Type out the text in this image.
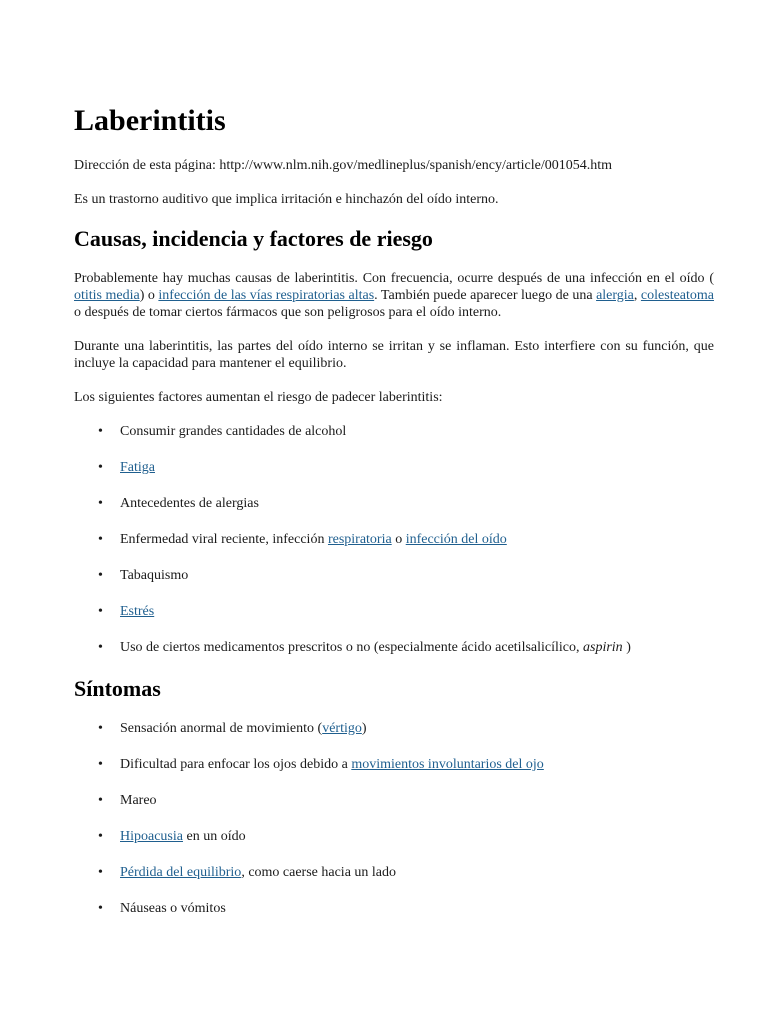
Laberintitis

Dirección de esta página: http://www.nlm.nih.gov/medlineplus/spanish/ency/article/001054.htm

Es un trastorno auditivo que implica irritación e hinchazón del oído interno.

Causas, incidencia y factores de riesgo

Probablemente hay muchas causas de laberintitis. Con frecuencia, ocurre después de una infección en el oído ( otitis media) o infección de las vías respiratorias altas. También puede aparecer luego de una alergia, colesteatoma o después de tomar ciertos fármacos que son peligrosos para el oído interno.

Durante una laberintitis, las partes del oído interno se irritan y se inflaman. Esto interfiere con su función, que incluye la capacidad para mantener el equilibrio.

Los siguientes factores aumentan el riesgo de padecer laberintitis:

• Consumir grandes cantidades de alcohol
• Fatiga
• Antecedentes de alergias
• Enfermedad viral reciente, infección respiratoria o infección del oído
• Tabaquismo
• Estrés
• Uso de ciertos medicamentos prescritos o no (especialmente ácido acetilsalicílico, aspirin )
Síntomas
• Sensación anormal de movimiento (vértigo)
• Dificultad para enfocar los ojos debido a movimientos involuntarios del ojo
• Mareo
• Hipoacusia en un oído
• Pérdida del equilibrio, como caerse hacia un lado
• Náuseas o vómitos
